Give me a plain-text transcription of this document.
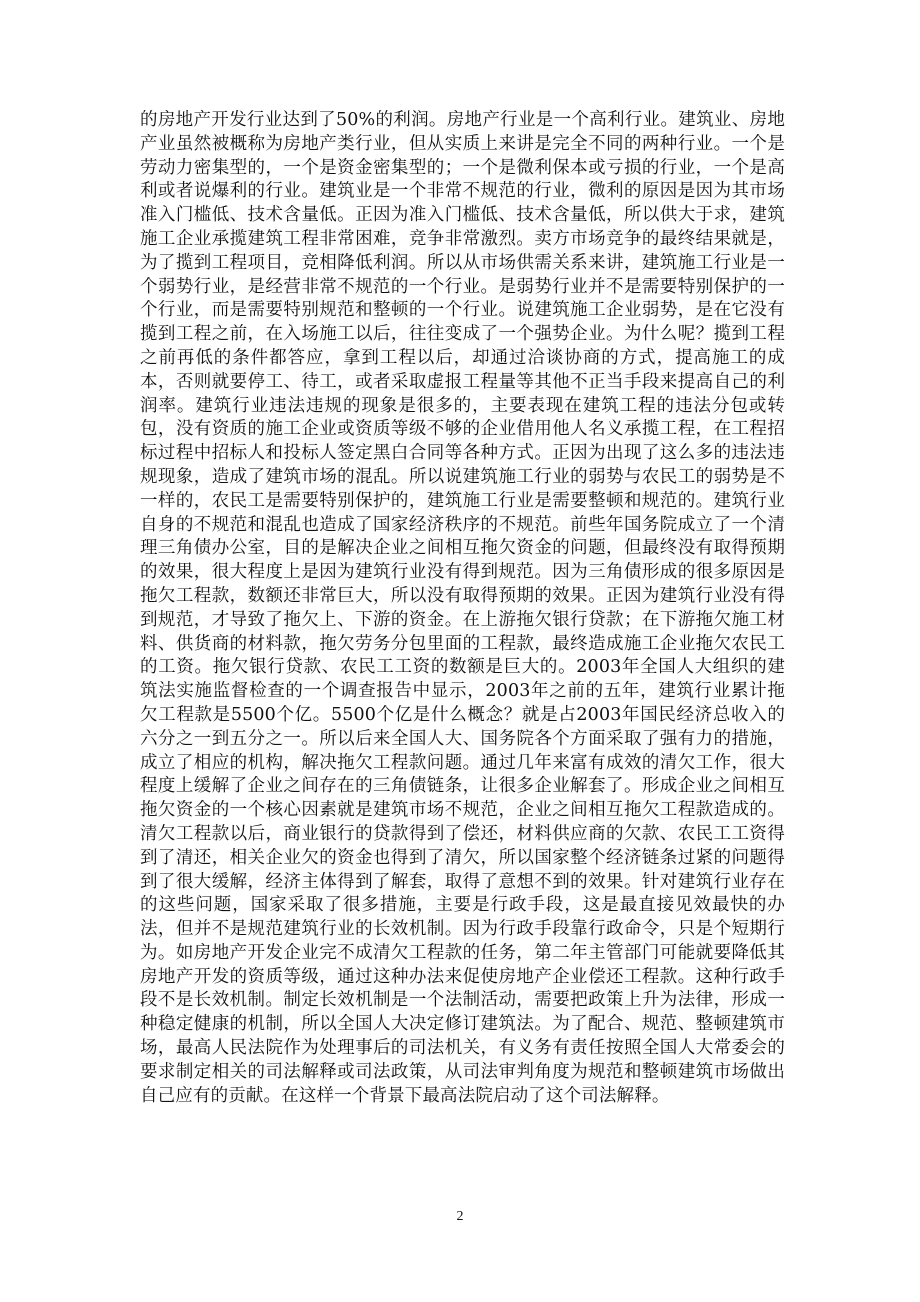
的房地产开发行业达到了50%的利润。房地产行业是一个高利行业。建筑业、房地产业虽然被概称为房地产类行业，但从实质上来讲是完全不同的两种行业。一个是劳动力密集型的，一个是资金密集型的；一个是微利保本或亏损的行业，一个是高利或者说爆利的行业。建筑业是一个非常不规范的行业，微利的原因是因为其市场准入门槛低、技术含量低。正因为准入门槛低、技术含量低，所以供大于求，建筑施工企业承揽建筑工程非常困难，竞争非常激烈。卖方市场竞争的最终结果就是，为了揽到工程项目，竞相降低利润。所以从市场供需关系来讲，建筑施工行业是一个弱势行业，是经营非常不规范的一个行业。是弱势行业并不是需要特别保护的一个行业，而是需要特别规范和整顿的一个行业。说建筑施工企业弱势，是在它没有揽到工程之前，在入场施工以后，往往变成了一个强势企业。为什么呢？揽到工程之前再低的条件都答应，拿到工程以后，却通过洽谈协商的方式，提高施工的成本，否则就要停工、待工，或者采取虚报工程量等其他不正当手段来提高自己的利润率。建筑行业违法违规的现象是很多的，主要表现在建筑工程的违法分包或转包，没有资质的施工企业或资质等级不够的企业借用他人名义承揽工程，在工程招标过程中招标人和投标人签定黑白合同等各种方式。正因为出现了这么多的违法违规现象，造成了建筑市场的混乱。所以说建筑施工行业的弱势与农民工的弱势是不一样的，农民工是需要特别保护的，建筑施工行业是需要整顿和规范的。建筑行业自身的不规范和混乱也造成了国家经济秩序的不规范。前些年国务院成立了一个清理三角债办公室，目的是解决企业之间相互拖欠资金的问题，但最终没有取得预期的效果，很大程度上是因为建筑行业没有得到规范。因为三角债形成的很多原因是拖欠工程款，数额还非常巨大，所以没有取得预期的效果。正因为建筑行业没有得到规范，才导致了拖欠上、下游的资金。在上游拖欠银行贷款；在下游拖欠施工材料、供货商的材料款，拖欠劳务分包里面的工程款，最终造成施工企业拖欠农民工的工资。拖欠银行贷款、农民工工资的数额是巨大的。2003年全国人大组织的建筑法实施监督检查的一个调查报告中显示，2003年之前的五年，建筑行业累计拖欠工程款是5500个亿。5500个亿是什么概念？就是占2003年国民经济总收入的六分之一到五分之一。所以后来全国人大、国务院各个方面采取了强有力的措施，成立了相应的机构，解决拖欠工程款问题。通过几年来富有成效的清欠工作，很大程度上缓解了企业之间存在的三角债链条，让很多企业解套了。形成企业之间相互拖欠资金的一个核心因素就是建筑市场不规范，企业之间相互拖欠工程款造成的。清欠工程款以后，商业银行的贷款得到了偿还，材料供应商的欠款、农民工工资得到了清还，相关企业欠的资金也得到了清欠，所以国家整个经济链条过紧的问题得到了很大缓解，经济主体得到了解套，取得了意想不到的效果。针对建筑行业存在的这些问题，国家采取了很多措施，主要是行政手段，这是最直接见效最快的办法，但并不是规范建筑行业的长效机制。因为行政手段靠行政命令，只是个短期行为。如房地产开发企业完不成清欠工程款的任务，第二年主管部门可能就要降低其房地产开发的资质等级，通过这种办法来促使房地产企业偿还工程款。这种行政手段不是长效机制。制定长效机制是一个法制活动，需要把政策上升为法律，形成一种稳定健康的机制，所以全国人大决定修订建筑法。为了配合、规范、整顿建筑市场，最高人民法院作为处理事后的司法机关，有义务有责任按照全国人大常委会的要求制定相关的司法解释或司法政策，从司法审判角度为规范和整顿建筑市场做出自己应有的贡献。在这样一个背景下最高法院启动了这个司法解释。

2
